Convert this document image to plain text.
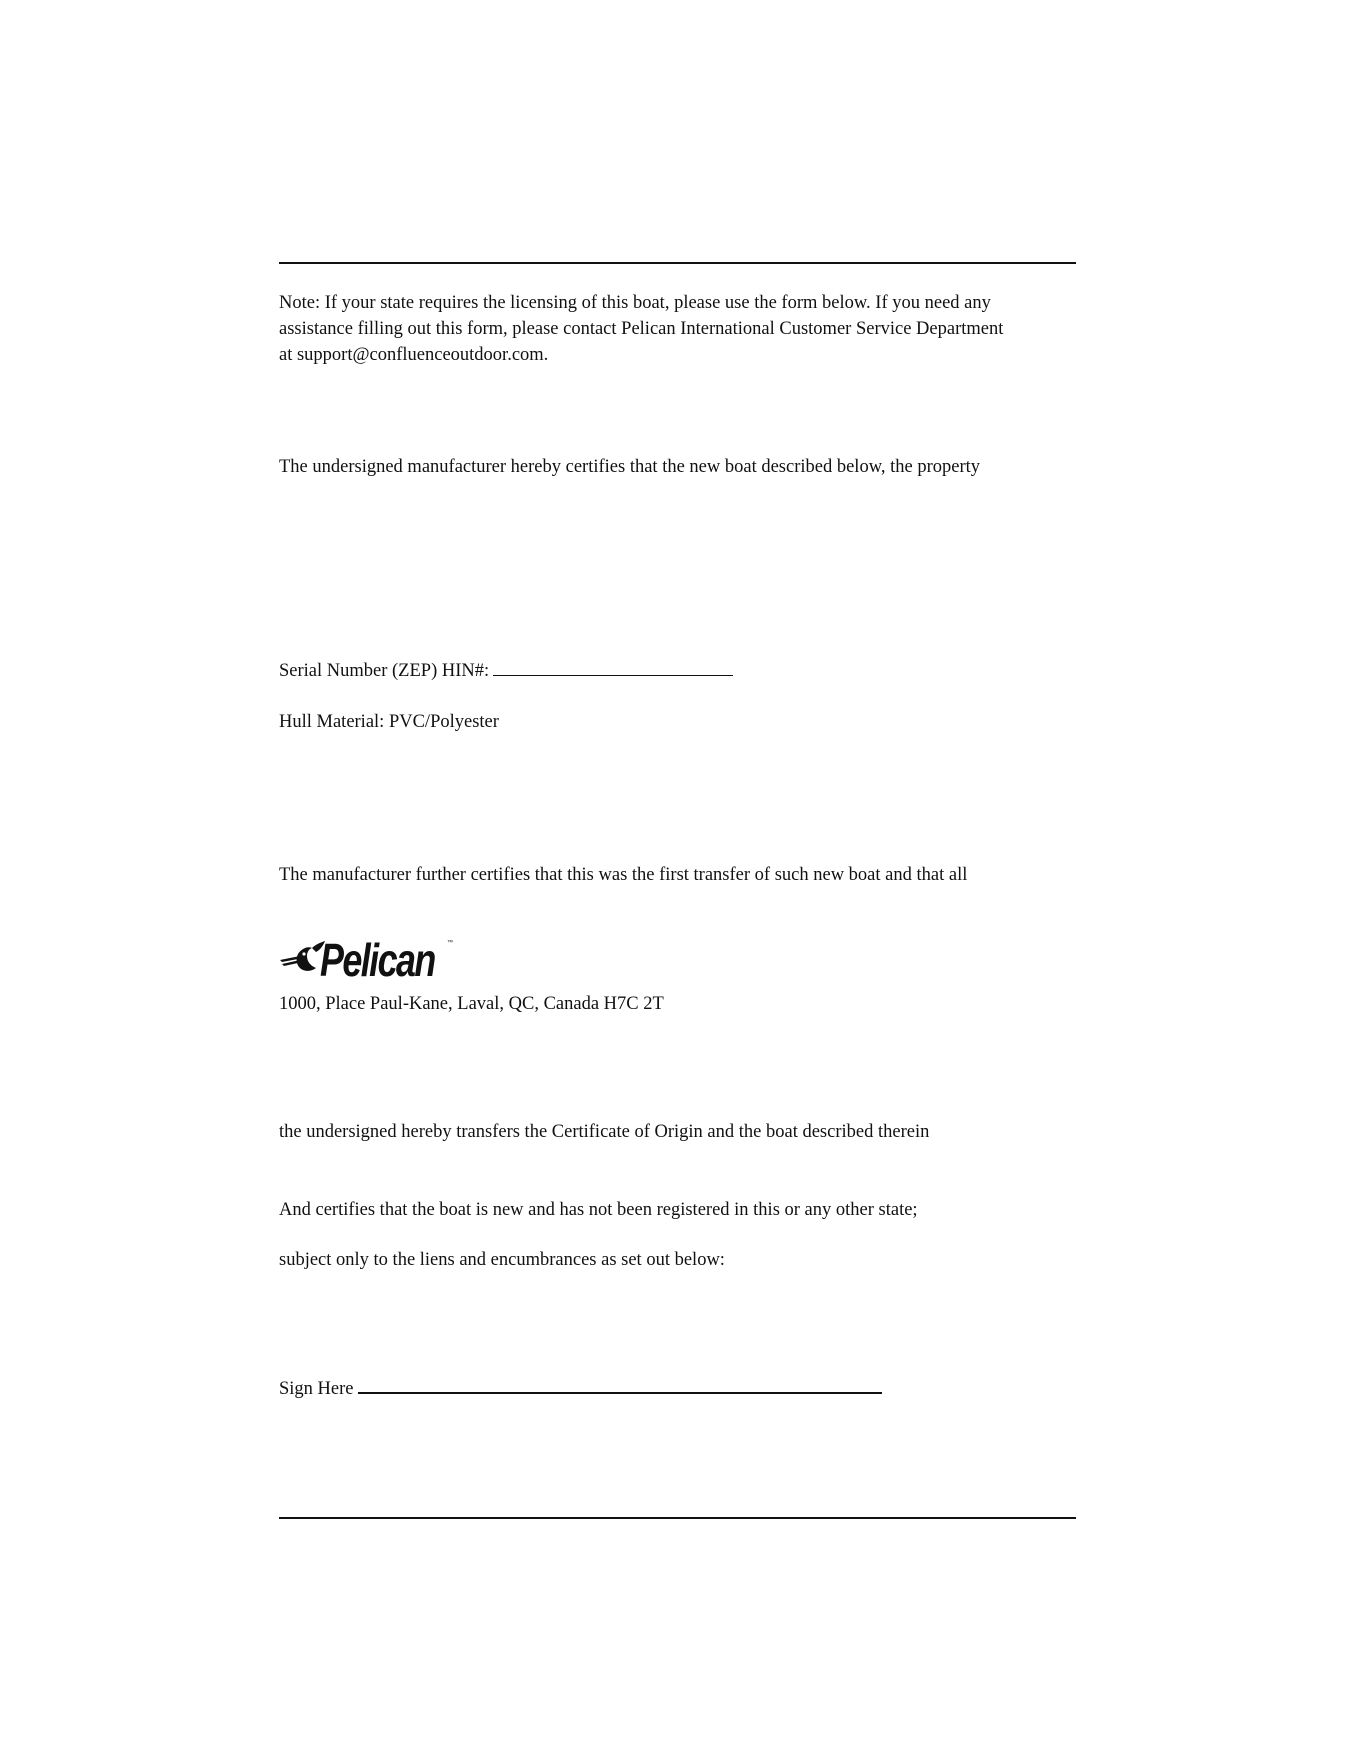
Note: If your state requires the licensing of this boat, please use the form below. If you need any
assistance filling out this form, please contact Pelican International Customer Service Department
at support@confluenceoutdoor.com.
The undersigned manufacturer hereby certifies that the new boat described below, the property
Serial Number (ZEP) HIN#:
Hull Material: PVC/Polyester
The manufacturer further certifies that this was the first transfer of such new boat and that all
Pelican ™
1000, Place Paul-Kane, Laval, QC, Canada H7C 2T
the undersigned hereby transfers the Certificate of Origin and the boat described therein
And certifies that the boat is new and has not been registered in this or any other state;
subject only to the liens and encumbrances as set out below:
Sign Here
